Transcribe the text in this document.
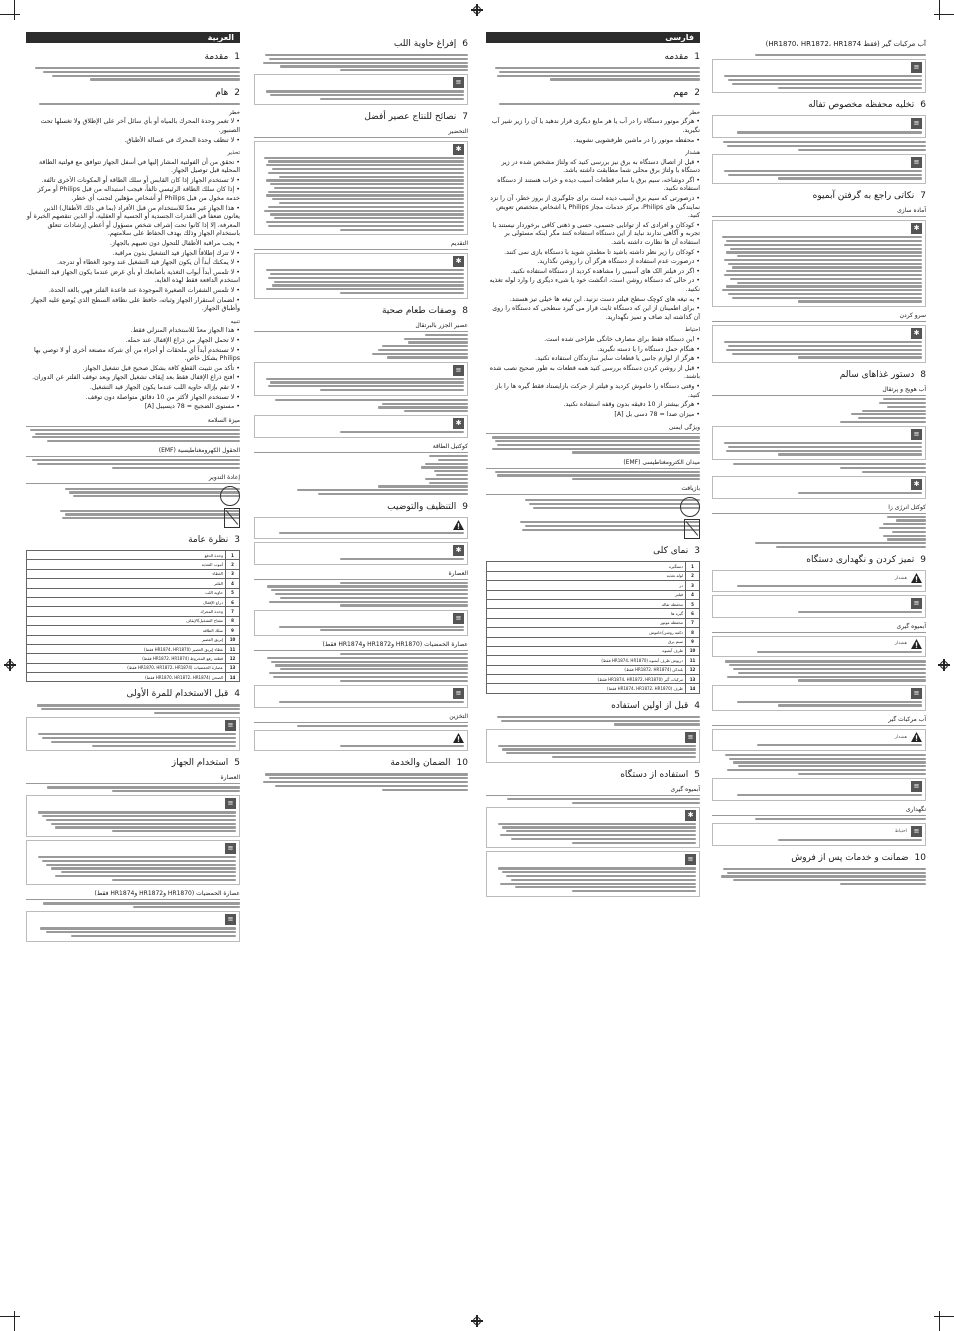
العربية
1مقدمة
2هام
خطر
• لا تغمر وحدة المحرك بالمياه أو بأي سائل آخر على الإطلاق ولا تغسلها تحت الصنبور.
• لا تنظف وحدة المحرك في غسالة الأطباق.
تحذير
• تحقق من أن الفولتية المشار إليها في أسفل الجهاز تتوافق مع فولتية الطاقة المحلية قبل توصيل الجهاز.
• لا تستخدم الجهاز إذا كان القابس أو سلك الطاقة أو المكونات الأخرى تالفة.
• إذا كان سلك الطاقة الرئيسي تالفاً، فيجب استبداله من قبل Philips أو مركز خدمة مخول من قبل Philips أو أشخاص مؤهلين لتجنب أي خطر.
• هذا الجهاز غير معدّ للاستخدام من قبل الأفراد (بما في ذلك الأطفال) الذين يعانون ضعفاً في القدرات الجسدية أو الحسية أو العقلية، أو الذين تنقصهم الخبرة أو المعرفة، إلا إذا كانوا تحت إشراف شخص مسؤول أو أعطي إرشادات تتعلق باستخدام الجهاز وذلك بهدف الحفاظ على سلامتهم.
• يجب مراقبة الأطفال للتحول دون تعبيهم بالجهاز.
• لا تترك إطلاقاً الجهاز قيد التشغيل بدون مراقبة.
• لا يمكنك أبداً أن يكون الجهاز قيد التشغيل عند وجود الغطاء أو تدرجة.
• لا تلمس أبداً أبواب التغذية بأصابعك أو بأي غرض عندما يكون الجهاز قيد التشغيل. استخدم الدافعة فقط لهذه الغاية.
• لا تلمس الشفرات الصغيرة الموجودة عند قاعدة الفلتر فهي بالغة الحدة.
• لضمان استقرار الجهاز وثباته، حافظ على نظافة السطح الذي يُوضع عليه الجهاز وأطباق الجهاز.
تنبيه
• هذا الجهاز معدّ للاستخدام المنزلي فقط.
• لا تحمل الجهاز من ذراع الإقفال عند حمله.
• لا تستخدم أبداً أي ملحقات أو أجزاء من أي شركة مصنعة أخرى أو لا توصي بها Philips بشكل خاص.
• تأكد من تثبيت القطع كافة بشكل صحيح قبل تشغيل الجهاز.
• افتح ذراع الإقفال فقط بعد إيقاف تشغيل الجهاز وبعد توقف الفلتر عن الدوران.
• لا تقم بإزالة حاوية اللب عندما يكون الجهاز قيد التشغيل.
• لا تستخدم الجهاز لأكثر من 10 دقائق متواصلة دون توقف.
• مستوى الضجيج = 78 ديسيبل [A]
ميزة السلامة
الحقول الكهرومغناطيسية (EMF)
إعادة التدوير
3نظرة عامة
1	وحدة الدفع
2	أنبوب التغذية
3	الغطاء
4	الفلتر
5	حاوية اللب
6	ذراع الإقفال
7	وحدة المحرك
8	مفتاح التشغيل/الإيقاف
9	سلك الطاقة
10	إبريق العصير
11	غطاء إبريق العصير (HR1874، HR1870 فقط)
12	قطعة رفع المخروط (HR1872، HR1874 فقط)
13	عصارة الحمضيات (HR1870، HR1872، HR1874 فقط)
14	الصحن (HR1870، HR1872، HR1874 فقط)
4قبل الاستخدام للمرة الأولى
≡
5استخدام الجهاز
العصارة
≡
≡
عصارة الحمضيات (HR1870 وHR1872 وHR1874 فقط)
≡
6إفراغ حاوية اللب
≡
7نصائح للنتاج عصير أفضل
التحضير
✱
التقديم
✱
8وصفات طعام صحية
عصير الجزر بالبرتقال
≡
✱
كوكتيل الطاقة
9التنظيف والتوضيب
✱
العصارة
≡
عصارة الحمضيات (HR1870 وHR1872 وHR1874 فقط)
≡
التخزين
10الضمان والخدمة
فارسی
1مقدمه
2مهم
خطر
• هرگز موتور دستگاه را در آب یا هر مایع دیگری قرار ندهید یا آن را زیر شیر آب نگیرید.
• محفظه موتور را در ماشین ظرفشویی نشویید.
هشدار
• قبل از اتصال دستگاه به برق نیز بررسی کنید که ولتاژ مشخص شده در زیر دستگاه با ولتاژ برق محلی شما مطابقت داشته باشد.
• اگر دوشاخه، سیم برق یا سایر قطعات آسیب دیده و خراب هستند از دستگاه استفاده نکنید.
• درصورتی که سیم برق آسیب دیده است برای جلوگیری از بروز خطر، آن را نزد نمایندگی های Philips، مرکز خدمات مجاز Philips یا اشخاص متخصص تعویض کنید.
• کودکان و افرادی که از توانایی جسمی، حسی و ذهنی کافی برخوردار نیستند یا تجربه و آگاهی ندارند نباید از این دستگاه استفاده کنند مگر اینکه مسئولی بر استفاده آن ها نظارت داشته باشد.
• کودکان را زیر نظر داشته باشید تا مطمئن شوید با دستگاه بازی نمی کنند.
• درصورت عدم استفاده از دستگاه هرگز آن را روشن نگذارید.
• اگر در فیلتر الک های آسیبی را مشاهده کردید از دستگاه استفاده نکنید.
• در حالی که دستگاه روشن است، انگشت خود یا شیء دیگری را وارد لوله تغذیه نکنید.
• به تیغه های کوچک سطح فیلتر دست نزنید. این تیغه ها خیلی تیز هستند.
• برای اطمینان از این که دستگاه ثابت قرار می گیرد سطحی که دستگاه را روی آن گذاشته اید صاف و تمیز نگهدارید.
احتیاط
• این دستگاه فقط برای مصارف خانگی طراحی شده است.
• هنگام حمل دستگاه را با دسته نگیرید.
• هرگز از لوازم جانبی یا قطعات سایر سازندگان استفاده نکنید.
• قبل از روشن کردن دستگاه بررسی کنید همه قطعات به طور صحیح نصب شده باشند.
• وقتی دستگاه را خاموش کردید و فیلتر از حرکت بازایستاد فقط گیره ها را باز کنید.
• هرگز بیشتر از 10 دقیقه بدون وقفه استفاده نکنید.
• میزان صدا = 78 دسی بل [A]
ویژگی ایمنی
میدان الکترومغناطیسی (EMF)
بازیافت
3نمای کلی
1	دستگیره
2	لوله تغذیه
3	در
4	فیلتر
5	محفظه تفاله
6	گیره ها
7	محفظه موتور
8	دکمه روشن/خاموش
9	سیم برق
10	ظرف آبمیوه
11	درپوش ظرف آبمیوه (HR1874، HR1870 فقط)
12	بلندکن (HR1872، HR1874 فقط)
13	مرکبات گیر (HR1874، HR1872، HR1870 فقط)
14	ظرف (HR1874، HR1872، HR1870 فقط)
4قبل از اولین استفاده
≡
5استفاده از دستگاه
آبمیوه گیری
✱
≡
آب مرکبات گیر (فقط HR1870، HR1872، HR1874)
≡
6تخلیه محفظه مخصوص تفاله
≡
≡
7نکاتی راجع به گرفتن آبمیوه
آماده سازی
✱
سرو کردن
✱
8دستور غذاهای سالم
آب هویج و پرتقال
≡
✱
کوکتل انرژی زا
9تمیز کردن و نگهداری دستگاه
هشدار
≡
آبمیوه گیری
هشدار
≡
آب مرکبات گیر
هشدار
≡
نگهداری
≡
احتیاط
10ضمانت و خدمات پس از فروش
